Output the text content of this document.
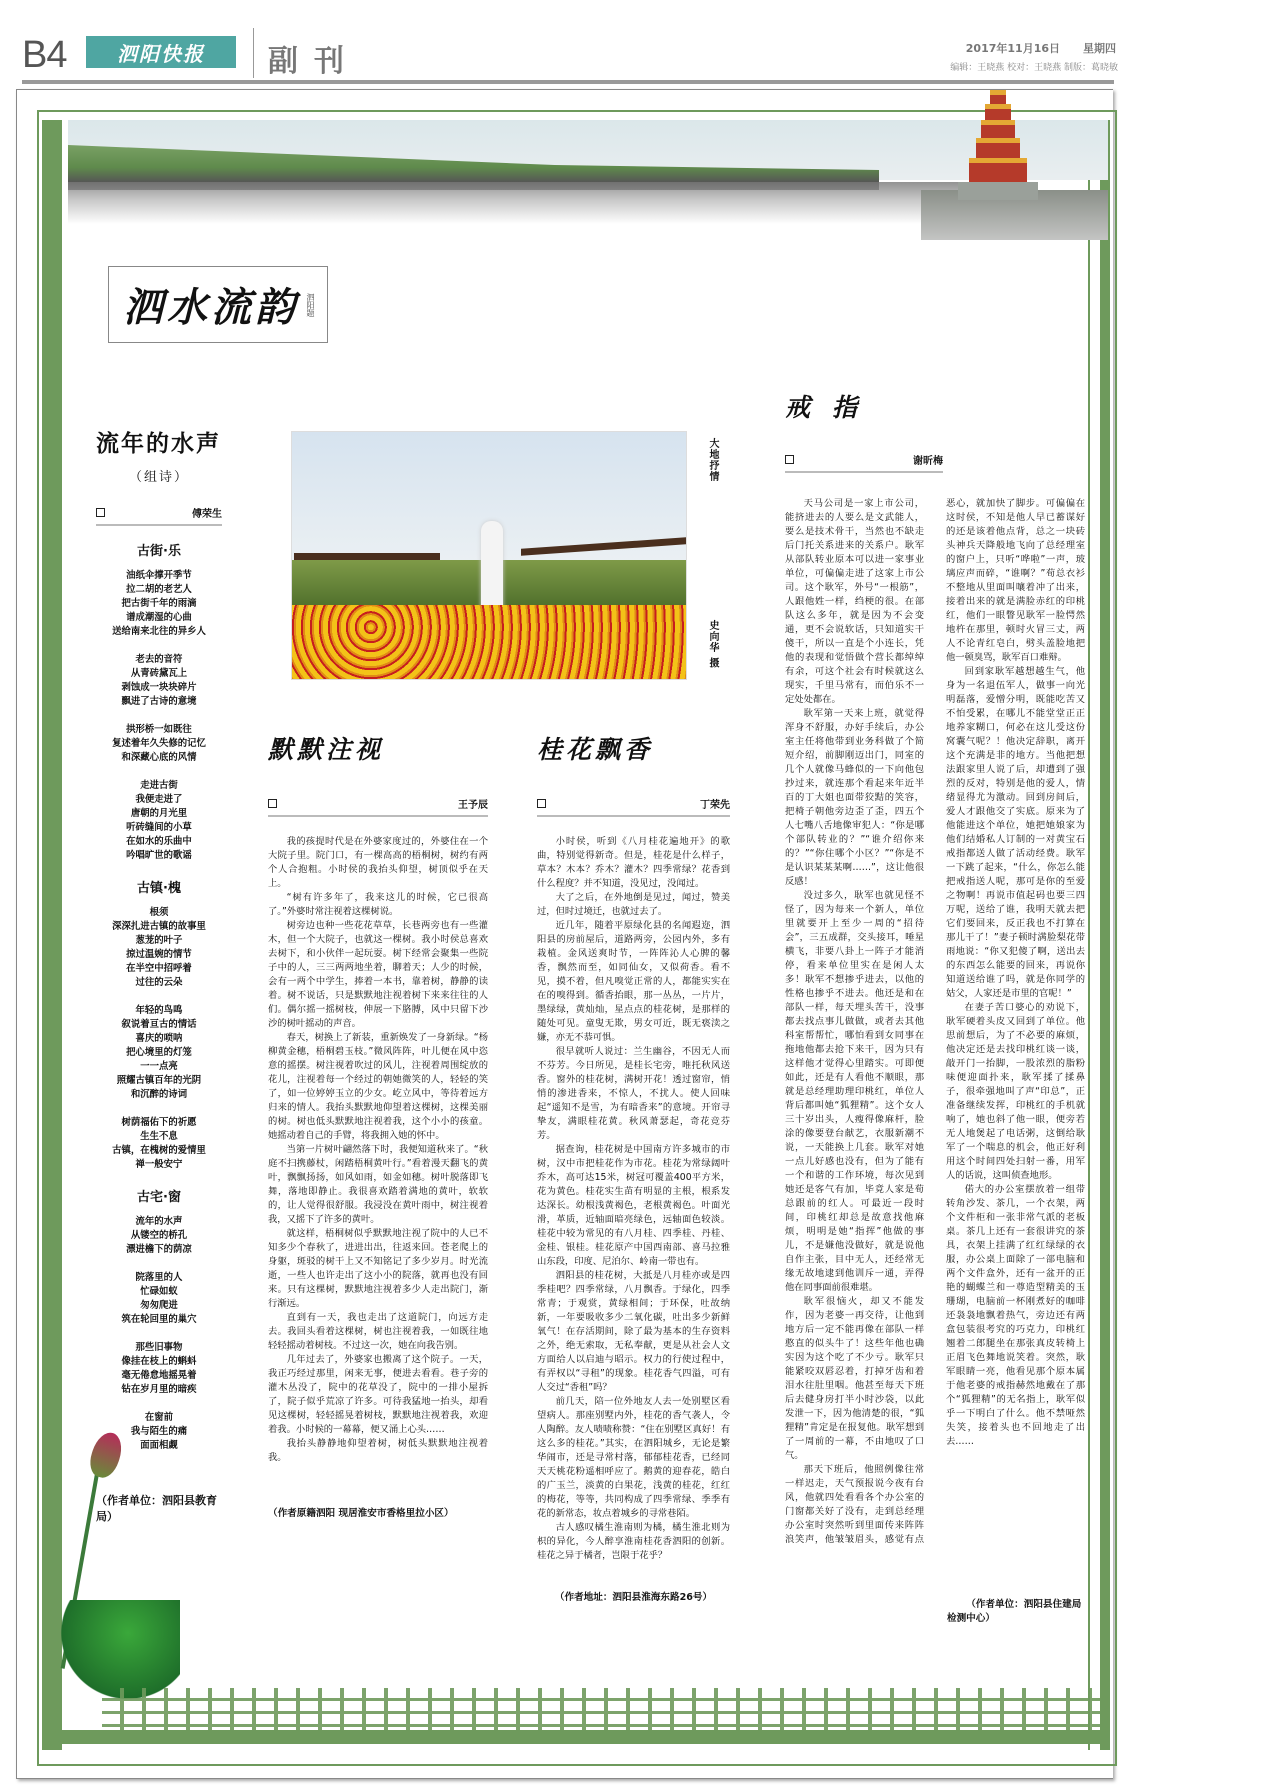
B4	泗阳快报	副刊	2017年11月16日 星期四
编辑：王晓燕 校对：王晓燕 制版：葛晓敏
泗水流韵 泗阳题
流年的水声
（组诗）
傅荣生
古街·乐
油纸伞撑开季节
拉二胡的老艺人
把古街千年的雨滴
谱成潮湿的心曲
送给南来北往的异乡人
老去的音符
从青砖黛瓦上
剥蚀成一块块碎片
飘进了古诗的意境
拱形桥一如既往
复述着年久失修的记忆
和深藏心底的风情
走进古街
我便走进了
唐朝的月光里
听砖缝间的小草
在如水的乐曲中
吟唱旷世的歌谣
古镇·槐
根须
深深扎进古镇的故事里
葱茏的叶子
掠过温婉的情节
在半空中招呼着
过往的云朵
年轻的鸟鸣
叙说着亘古的情话
喜庆的唢呐
把心境里的灯笼
一一点亮
照耀古镇百年的光阴
和沉醉的诗词
树荫福佑下的祈愿
生生不息
古镇，在槐树的爱情里
禅一般安宁
古宅·窗
流年的水声
从镂空的桥孔
漂进檐下的荫凉
院落里的人
忙碌如蚁
匆匆爬进
筑在轮回里的巢穴
那些旧事物
像挂在枝上的蝌蚪
毫无倦怠地摇晃着
钻在岁月里的暗疾
在窗前
我与陌生的痛
面面相觑
（作者单位：泗阳县教育局）
大地抒情
史向华 摄
默默注视
王予辰

我的孩提时代是在外婆家度过的，外婆住在一个大院子里。院门口，有一棵高高的梧桐树，树约有两个人合抱粗。小时侯的我抬头仰望，树顶似乎在天上。

“树有许多年了，我来这儿的时候，它已很高了。”外婆时常注视着这棵树说。

树旁边也种一些花花草草，长巷两旁也有一些灌木，但一个大院子，也就这一棵树。我小时侯总喜欢去树下，和小伙伴一起玩耍。树下经常会聚集一些院子中的人，三三两两地坐着，聊着天；人少的时候，会有一两个中学生，捧着一本书，靠着树，静静的读着。树不说话，只是默默地注视着树下来来往往的人们。偶尔摇一摇树枝，伸展一下胳膊，风中只留下沙沙的树叶摇动的声音。

春天，树换上了新装，重新焕发了一身新绿。“杨柳黄金穗，梧桐碧玉枝。”微风阵阵，叶儿便在风中恣意的摇摆。树注视着吹过的风儿，注视着周围绽放的花儿，注视着每一个经过的朝她微笑的人，轻轻的笑了，如一位婷婷玉立的少女。屹立风中，等待着远方归来的情人。我抬头默默地仰望着这棵树，这棵美丽的树。树也低头默默地注视着我，这个小小的孩童。她摇动着自己的手臂，将我拥入她的怀中。

当第一片树叶翩然落下时，我便知道秋来了。“秋庭不扫携藤杖，闲踏梧桐黄叶行。”看着漫天翻飞的黄叶，飘飘扬扬，如风如雨，如金如穗。树叶脱落即飞舞，落地即静止。我很喜欢踏着满地的黄叶，软软的，让人觉得很舒服。我浸没在黄叶雨中，树注视着我，又摇下了许多的黄叶。

就这样，梧桐树似乎默默地注视了院中的人已不知多少个春秋了，进进出出，往返来回。苍老爬上的身躯，斑驳的树干上又不知铭记了多少岁月。时光流逝，一些人也许走出了这小小的院落，就再也没有回来。只有这棵树，默默地注视着多少人走出院门，渐行渐远。

直到有一天，我也走出了这道院门，向远方走去。我回头看着这棵树，树也注视着我，一如既往地轻轻摇动着树枝。不过这一次，她在向我告别。

几年过去了，外婆家也搬离了这个院子。一天，我正巧经过那里，闲来无事，便进去看看。巷子旁的灌木丛没了，院中的花草没了，院中的一排小屋拆了，院子似乎荒凉了许多。可待我猛地一抬头，却看见这棵树，轻轻摇晃着树枝，默默地注视着我，欢迎着我。小时候的一幕幕，便又涌上心头……

我抬头静静地仰望着树，树低头默默地注视着我。

（作者原籍泗阳 现居淮安市香格里拉小区）
桂花飘香
丁荣先

小时侯，听到《八月桂花遍地开》的歌曲，特别觉得新奇。但是，桂花是什么样子，草本？木本？乔木？灌木？四季常绿？花香到什么程度？并不知道，没见过，没闻过。

大了之后，在外地倒是见过，闻过，赞美过，但时过境迁，也就过去了。

近几年，随着平原绿化县的名闻遐迩，泗阳县的房前屋后，道路两旁，公园内外，多有栽植。金风送爽时节，一阵阵沁人心脾的馨香，飘然而至，如同仙女，又似荷香。看不见，摸不着，但凡嗅觉正常的人，都能实实在在的嗅得到。循香抬眼，那一丛丛，一片片，墨绿绿，黄灿灿，星点点的桂花树，是那样的随处可见。童叟无欺，男女可近，既无亵渎之嫌，亦无不恭可惧。

很早就听人说过：兰生幽谷，不因无人而不芬芳。今日所见，是桂长宅旁，唯托秋风送香。窗外的桂花树，满树开花！透过窗帘，悄悄的渗进香来，不惊人，不扰人。使人回味起“遥知不是雪，为有暗香来”的意境。开帘寻挚友，满眼桂花黄。秋风萧瑟起，奇花竞芬芳。

据查询，桂花树是中国南方许多城市的市树，汉中市把桂花作为市花。桂花为常绿阔叶乔木，高可达15米，树冠可覆盖400平方米，花为黄色。桂花实生苗有明显的主根，根系发达深长。幼根浅黄褐色，老根黄褐色。叶面光滑，革质，近轴面暗亮绿色，远轴面色较淡。桂花中较为常见的有八月桂、四季桂、丹桂、金桂、银桂。桂花原产中国西南部、喜马拉雅山东段，印度、尼泊尔、岭南一带也有。

泗阳县的桂花树，大抵是八月桂亦或是四季桂吧？四季常绿，八月飘香。于绿化，四季常青；于观赏，黄绿相间；于环保，吐故纳新，一年要吸收多少二氧化碳，吐出多少新鲜氧气！在存活期间，除了最为基本的生存资料之外，绝无索取，无私奉献，更是从社会人文方面给人以启迪与昭示。权力的行使过程中，有弄权以“寻租”的现象。桂花香气四溢，可有人交过“香租”吗？

前几天，陪一位外地友人去一处别墅区看望病人。那座别墅内外，桂花的香气袭人，令人陶醉。友人啧啧称赞：“住在别墅区真好！有这么多的桂花。”其实，在泗阳城乡，无论是繁华闹市，还是寻常村落，郁郁桂花香，已经同天天桃花粉遥相呼应了。鹅黄的迎春花，皓白的广玉兰，淡黄的白果花，浅黄的桂花，红红的梅花，等等，共同构成了四季常绿、季季有花的新常态，妆点着城乡的寻常巷陌。

古人感叹橘生淮南则为橘，橘生淮北则为枳的异化，今人醉享淮南桂花香泗阳的创新。桂花之异于橘者，岂限于花乎？

（作者地址：泗阳县淮海东路26号）
戒指
谢昕梅

天马公司是一家上市公司，能挤进去的人要么是文武能人，要么是技术骨干，当然也不缺走后门托关系进来的关系户。耿军从部队转业原本可以进一家事业单位，可偏偏走进了这家上市公司。这个耿军，外号“一根筋”，人跟他姓一样，绉梗的很。在部队这么多年，就是因为不会变通，更不会说软话，只知道实干傻干，所以一直是个小连长，凭他的表现和觉悟做个营长都绰绰有余，可这个社会有时候就这么现实，千里马常有，而伯乐不一定处处都在。

耿军第一天来上班，就觉得浑身不舒服，办好手续后，办公室主任将他带到业务科做了个简短介绍，前脚刚迈出门，同室的几个人就像马蜂似的一下向他包抄过来，就连那个看起来年近半百的丁大姐也面带狡黠的笑容，把椅子朝他旁边歪了歪，四五个人七嘴八舌地像审犯人：“你是哪个部队转业的？”“谁介绍你来的？”“你住哪个小区？”“你是不是认识某某某啊……”，这让他很反感！

没过多久，耿军也就见怪不怪了，因为每来一个新人，单位里就要开上至少一周的“招待会”，三五成群，交头接耳，唾星横飞，非要八卦上一阵子才能消停，看来单位里实在是闲人太多！耿军不想掺乎进去，以他的性格也掺乎不进去。他还是和在部队一样，每天埋头苦干，没事都去找点事儿做做，或者去其他科室帮帮忙，哪怕看到女同事在拖地他都去抢下来干，因为只有这样他才觉得心里踏实。可即便如此，还是有人看他不顺眼，那就是总经理助理印桃红，单位人背后都叫她“狐狸精”。这个女人三十岁出头，人瘦得像麻杆，脸涂的像要登台献艺，衣服新潮不说，一天能换上几套。耿军对她一点儿好感也没有，但为了能有一个和谐的工作环境，每次见到她还是客气有加，毕竟人家是荀总跟前的红人。可最近一段时间，印桃红却总是故意找他麻烦，明明是她“指挥”他做的事儿，不是嫌他没做好，就是说他自作主张，目中无人，还经常无缘无故地逮到他训斥一通，弄得他在同事面前很难堪。

耿军很恼火，却又不能发作，因为老婆一再交待，让他到地方后一定不能再像在部队一样憨直的似头牛了！这些年他也确实因为这个吃了不少亏。耿军只能紧咬双唇忍着，打掉牙齿和着泪水往肚里咽。他甚至每天下班后去健身房打半小时沙袋，以此发泄一下，因为他清楚的很，“狐狸精”肯定是在报复他。耿军想到了一周前的一幕，不由地叹了口气。

那天下班后，他照例像往常一样迟走，天气预报说今夜有台风，他就四处看看各个办公室的门窗都关好了没有，走到总经理办公室时突然听到里面传来阵阵浪笑声，他皱皱眉头，感觉有点恶心，就加快了脚步。可偏偏在这时侯，不知是他人早已蓄谋好的还是该着他点背，总之一块砖头神兵天降般地飞向了总经理室的窗户上，只听“哗啦”一声，玻璃应声而碎，“谁啊？”荀总衣衫不整地从里面叫嚷着冲了出来，接着出来的就是满脸赤红的印桃红，他们一眼瞥见耿军一脸愕然地杵在那里，顿时火冒三丈，两人不论青红皂白，劈头盖脸地把他一顿臭骂，耿军百口难辩。

回到家耿军越想越生气，他身为一名退伍军人，做事一向光明磊落，爱憎分明，既能吃苦又不怕受累，在哪儿不能堂堂正正地养家糊口，何必在这儿受这份窝囊气呢？！他决定辞职，离开这个充满是非的地方。当他把想法跟家里人说了后，却遭到了强烈的反对，特别是他的爱人，情绪显得尤为激动。回到房间后，爱人才跟他交了实底。原来为了他能进这个单位，她把她娘家为他们结婚私人订制的一对黄宝石戒指都送人做了活动经费。耿军一下跳了起来，“什么，你怎么能把戒指送人呢，那可是你的至爱之物啊！再说市值起码也要三四万呢，送给了谁，我明天就去把它们要回来，反正我也不打算在那儿干了！”妻子顿时满脸梨花带雨地说：“你又犯傻了啊，送出去的东西怎么能要的回来，再说你知道送给谁了吗，就是你同学的姑父，人家还是市里的官呢！”

在妻子苦口婆心的劝说下，耿军硬着头皮又回到了单位。他思前想后，为了不必要的麻烦，他决定还是去找印桃红谈一谈，敲开门一抬脚，一股浓烈的脂粉味便迎面扑来，耿军揉了揉鼻子，很牵强地叫了声“印总”，正准备继续发挥，印桃红的手机就响了，她也斜了他一眼，便旁若无人地煲起了电话粥，这倒给耿军了一个喘息的机会，他正好利用这个时间四处扫射一番，用军人的话说，这叫侦查地形。

偌大的办公室摆放着一组带转角沙发、茶几，一个衣架，两个文件柜和一张非常气派的老板桌。茶几上还有一套很讲究的茶具，衣架上挂满了红红绿绿的衣服，办公桌上面除了一部电脑和两个文件盒外，还有一盆开的正艳的蝴蝶兰和一尊造型精美的玉珊瑚，电脑前一杯刚煮好的咖啡还袅袅地飘着热气，旁边还有两盒包装很考究的巧克力，印桃红翘着二郎腿坐在那张真皮转椅上正眉飞色舞地说笑着。突然，耿军眼睛一亮，他看见那个原本属于他老婆的戒指赫然地戴在了那个“狐狸精”的无名指上，耿军似乎一下明白了什么。他不禁哑然失笑，接着头也不回地走了出去……

（作者单位：泗阳县住建局检测中心）
